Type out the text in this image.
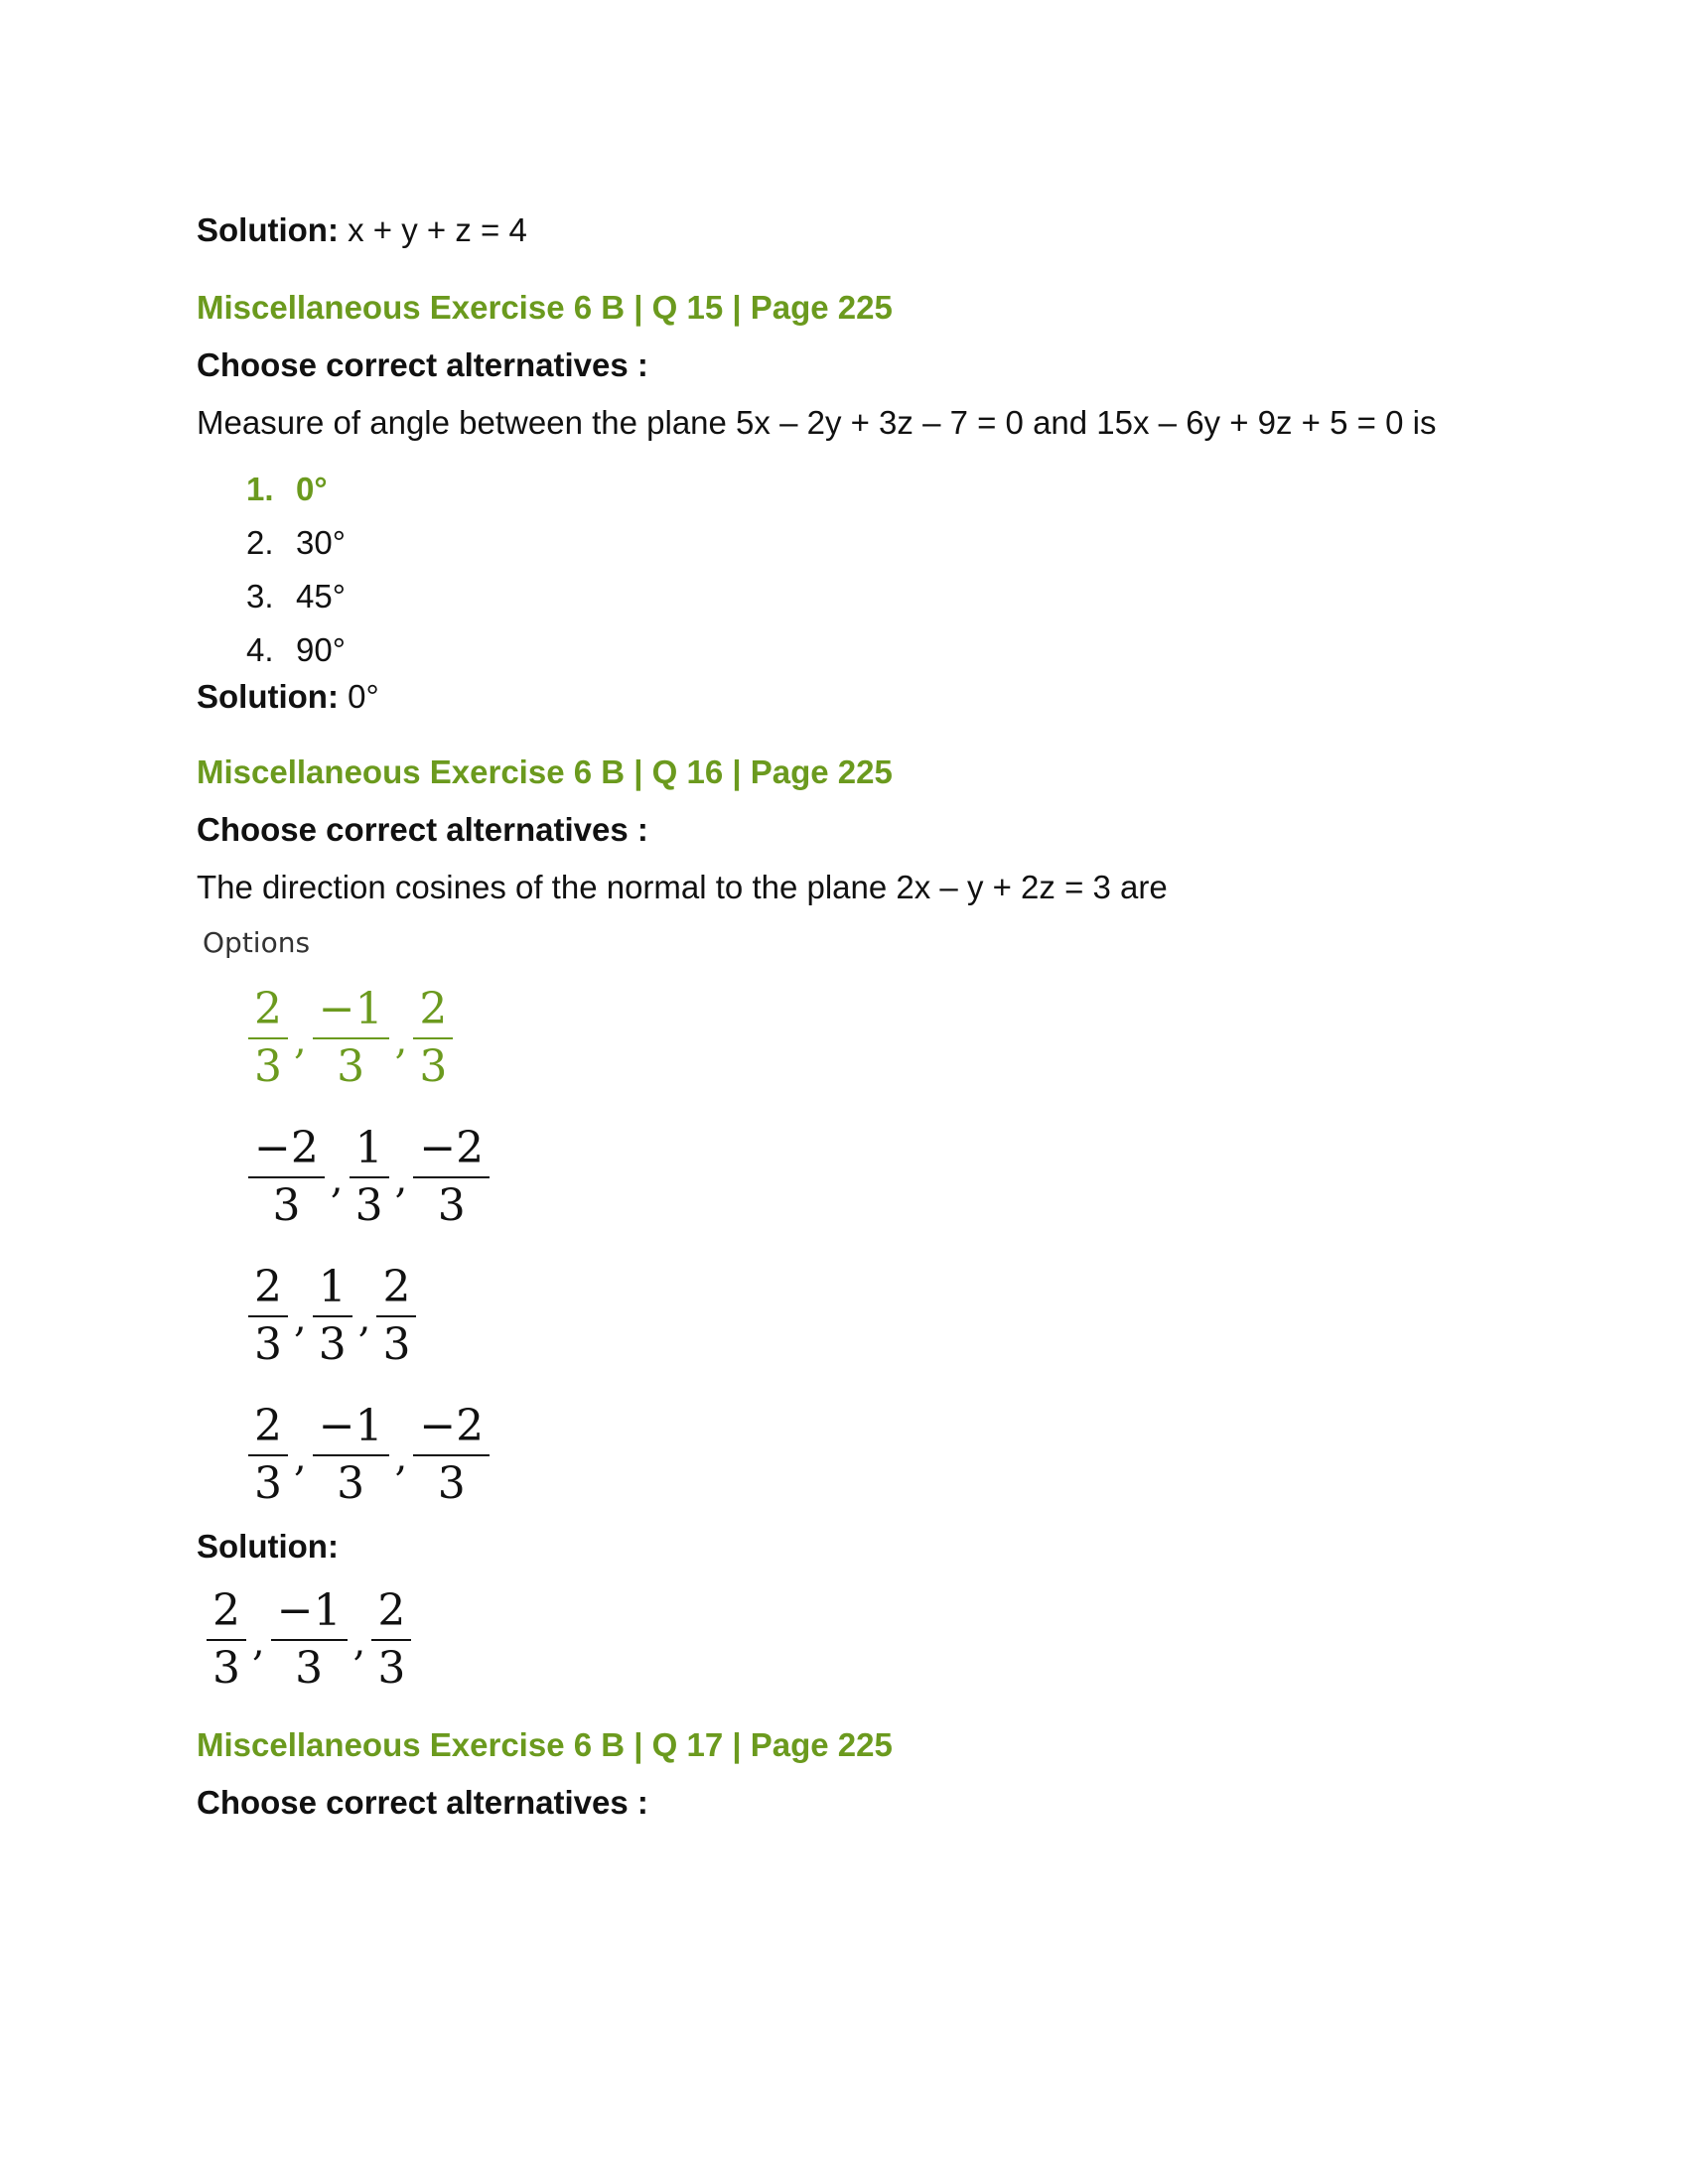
Solution: x + y + z = 4
Miscellaneous Exercise 6 B | Q 15 | Page 225
Choose correct alternatives :
Measure of angle between the plane 5x – 2y + 3z – 7 = 0 and 15x – 6y + 9z + 5 = 0 is
1. 0°
2. 30°
3. 45°
4. 90°
Solution: 0°
Miscellaneous Exercise 6 B | Q 16 | Page 225
Choose correct alternatives :
The direction cosines of the normal to the plane 2x – y + 2z = 3 are
Options
$\frac{2}{3}$ , $\frac{-1}{3}$ , $\frac{2}{3}$
$\frac{-2}{3}$ , $\frac{1}{3}$ , $\frac{-2}{3}$
$\frac{2}{3}$ , $\frac{1}{3}$ , $\frac{2}{3}$
$\frac{2}{3}$ , $\frac{-1}{3}$ , $\frac{-2}{3}$
Solution:
$\frac{2}{3}$ , $\frac{-1}{3}$ , $\frac{2}{3}$
Miscellaneous Exercise 6 B | Q 17 | Page 225
Choose correct alternatives :
